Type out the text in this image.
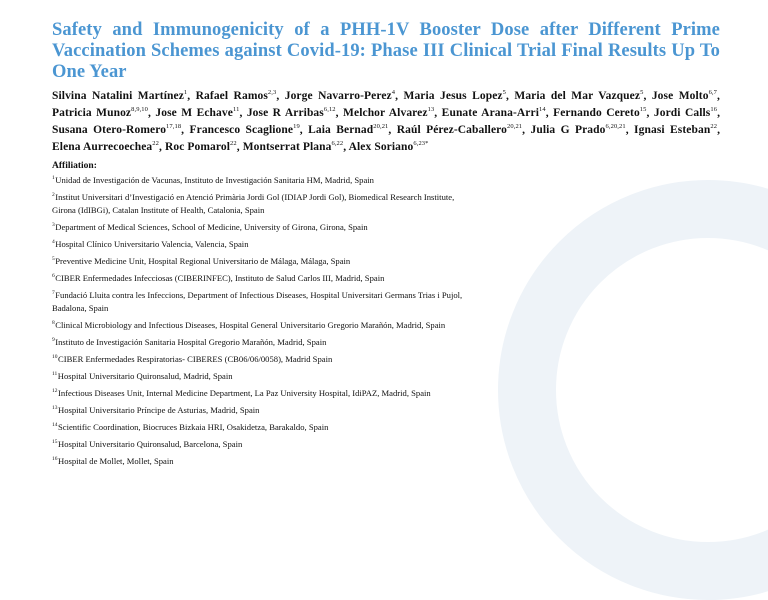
Safety and Immunogenicity of a PHH-1V Booster Dose after Different Prime Vaccination Schemes against Covid-19: Phase III Clinical Trial Final Results Up To One Year

Silvina Natalini Martínez$^1$, Rafael Ramos$^{2,3}$, Jorge Navarro-Perez$^4$, Maria Jesus Lopez$^5$, Maria del Mar Vazquez$^5$, Jose Molto$^{6,7}$, Patricia Munoz$^{8,9,10}$, Jose M Echave$^{11}$, Jose R Arribas$^{6,12}$, Melchor Alvarez$^{13}$, Eunate Arana-Arri$^{14}$, Fernando Cereto$^{15}$, Jordi Calls$^{16}$, Susana Otero-Romero$^{17,18}$, Francesco Scaglione$^{19}$, Laia Bernad$^{20,21}$, Raúl Pérez-Caballero$^{20,21}$, Julia G Prado$^{6,20,21}$, Ignasi Esteban$^{22}$, Elena Aurrecoechea$^{22}$, Roc Pomarol$^{22}$, Montserrat Plana$^{6,22}$, Alex Soriano$^{6,23*}$

Affiliation:
$^1$Unidad de Investigación de Vacunas, Instituto de Investigación Sanitaria HM, Madrid, Spain
$^2$Institut Universitari d’Investigació en Atenció Primària Jordi Gol (IDIAP Jordi Gol), Biomedical Research Institute, Girona (IdIBGi), Catalan Institute of Health, Catalonia, Spain
$^3$Department of Medical Sciences, School of Medicine, University of Girona, Girona, Spain
$^4$Hospital Clínico Universitario Valencia, Valencia, Spain
$^5$Preventive Medicine Unit, Hospital Regional Universitario de Málaga, Málaga, Spain
$^6$CIBER Enfermedades Infecciosas (CIBERINFEC), Instituto de Salud Carlos III, Madrid, Spain
$^7$Fundació Lluita contra les Infeccions, Department of Infectious Diseases, Hospital Universitari Germans Trias i Pujol, Badalona, Spain
$^8$Clinical Microbiology and Infectious Diseases, Hospital General Universitario Gregorio Marañón, Madrid, Spain
$^9$Instituto de Investigación Sanitaria Hospital Gregorio Marañón, Madrid, Spain
$^{10}$CIBER Enfermedades Respiratorias- CIBERES (CB06/06/0058), Madrid Spain
$^{11}$Hospital Universitario Quironsalud, Madrid, Spain
$^{12}$Infectious Diseases Unit, Internal Medicine Department, La Paz University Hospital, IdiPAZ, Madrid, Spain
$^{13}$Hospital Universitario Príncipe de Asturias, Madrid, Spain
$^{14}$Scientific Coordination, Biocruces Bizkaia HRI, Osakidetza, Barakaldo, Spain
$^{15}$Hospital Universitario Quironsalud, Barcelona, Spain
$^{16}$Hospital de Mollet, Mollet, Spain
